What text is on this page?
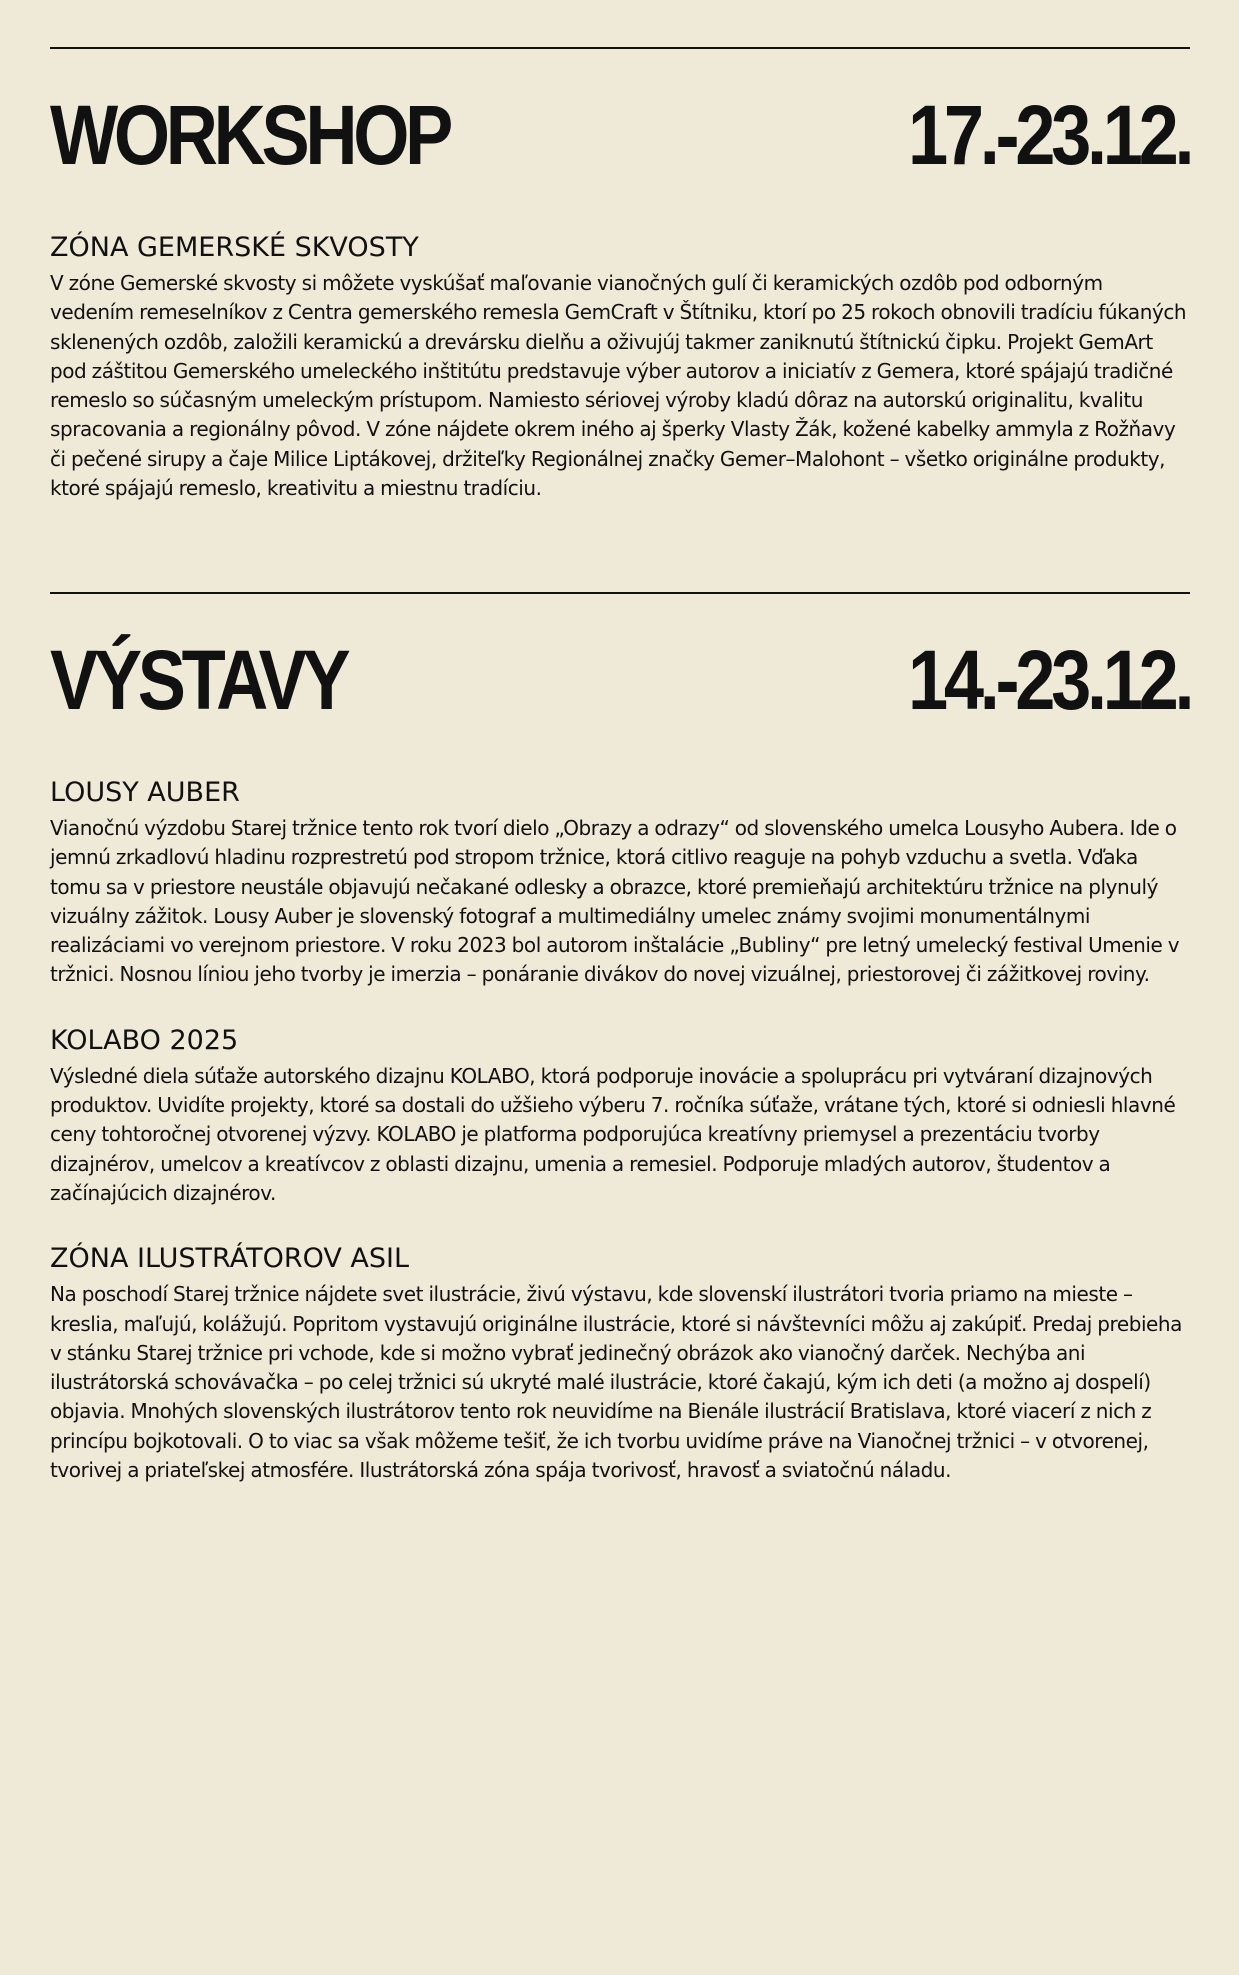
WORKSHOP	17.-23.12.
ZÓNA GEMERSKÉ SKVOSTY

V zóne Gemerské skvosty si môžete vyskúšať maľovanie vianočných gulí či keramických ozdôb pod odborným vedením remeselníkov z Centra gemerského remesla GemCraft v Štítniku, ktorí po 25 rokoch obnovili tradíciu fúkaných sklenených ozdôb, založili keramickú a drevársku dielňu a oživujúj takmer zaniknutú štítnickú čipku. Projekt GemArt pod záštitou Gemerského umeleckého inštitútu predstavuje výber autorov a iniciatív z Gemera, ktoré spájajú tradičné remeslo so súčasným umeleckým prístupom. Namiesto sériovej výroby kladú dôraz na autorskú originalitu, kvalitu spracovania a regionálny pôvod. V zóne nájdete okrem iného aj šperky Vlasty Žák, kožené kabelky ammyla z Rožňavy či pečené sirupy a čaje Milice Liptákovej, držiteľky Regionálnej značky Gemer–Malohont – všetko originálne produkty, ktoré spájajú remeslo, kreativitu a miestnu tradíciu.

VÝSTAVY	14.-23.12.
LOUSY AUBER

Vianočnú výzdobu Starej tržnice tento rok tvorí dielo „Obrazy a odrazy“ od slovenského umelca Lousyho Aubera. Ide o jemnú zrkadlovú hladinu rozprestretú pod stropom tržnice, ktorá citlivo reaguje na pohyb vzduchu a svetla. Vďaka tomu sa v priestore neustále objavujú nečakané odlesky a obrazce, ktoré premieňajú architektúru tržnice na plynulý vizuálny zážitok. Lousy Auber je slovenský fotograf a multimediálny umelec známy svojimi monumentálnymi realizáciami vo verejnom priestore. V roku 2023 bol autorom inštalácie „Bubliny“ pre letný umelecký festival Umenie v tržnici. Nosnou líniou jeho tvorby je imerzia – ponáranie divákov do novej vizuálnej, priestorovej či zážitkovej roviny.

KOLABO 2025

Výsledné diela súťaže autorského dizajnu KOLABO, ktorá podporuje inovácie a spoluprácu pri vytváraní dizajnových produktov. Uvidíte projekty, ktoré sa dostali do užšieho výberu 7. ročníka súťaže, vrátane tých, ktoré si odniesli hlavné ceny tohtoročnej otvorenej výzvy. KOLABO je platforma podporujúca kreatívny priemysel a prezentáciu tvorby dizajnérov, umelcov a kreatívcov z oblasti dizajnu, umenia a remesiel. Podporuje mladých autorov, študentov a začínajúcich dizajnérov.

ZÓNA ILUSTRÁTOROV ASIL

Na poschodí Starej tržnice nájdete svet ilustrácie, živú výstavu, kde slovenskí ilustrátori tvoria priamo na mieste – kreslia, maľujú, kolážujú. Popritom vystavujú originálne ilustrácie, ktoré si návštevníci môžu aj zakúpiť. Predaj prebieha v stánku Starej tržnice pri vchode, kde si možno vybrať jedinečný obrázok ako vianočný darček. Nechýba ani ilustrátorská schovávačka – po celej tržnici sú ukryté malé ilustrácie, ktoré čakajú, kým ich deti (a možno aj dospelí) objavia. Mnohých slovenských ilustrátorov tento rok neuvidíme na Bienále ilustrácií Bratislava, ktoré viacerí z nich z princípu bojkotovali. O to viac sa však môžeme tešiť, že ich tvorbu uvidíme práve na Vianočnej tržnici – v otvorenej, tvorivej a priateľskej atmosfére. Ilustrátorská zóna spája tvorivosť, hravosť a sviatočnú náladu.
